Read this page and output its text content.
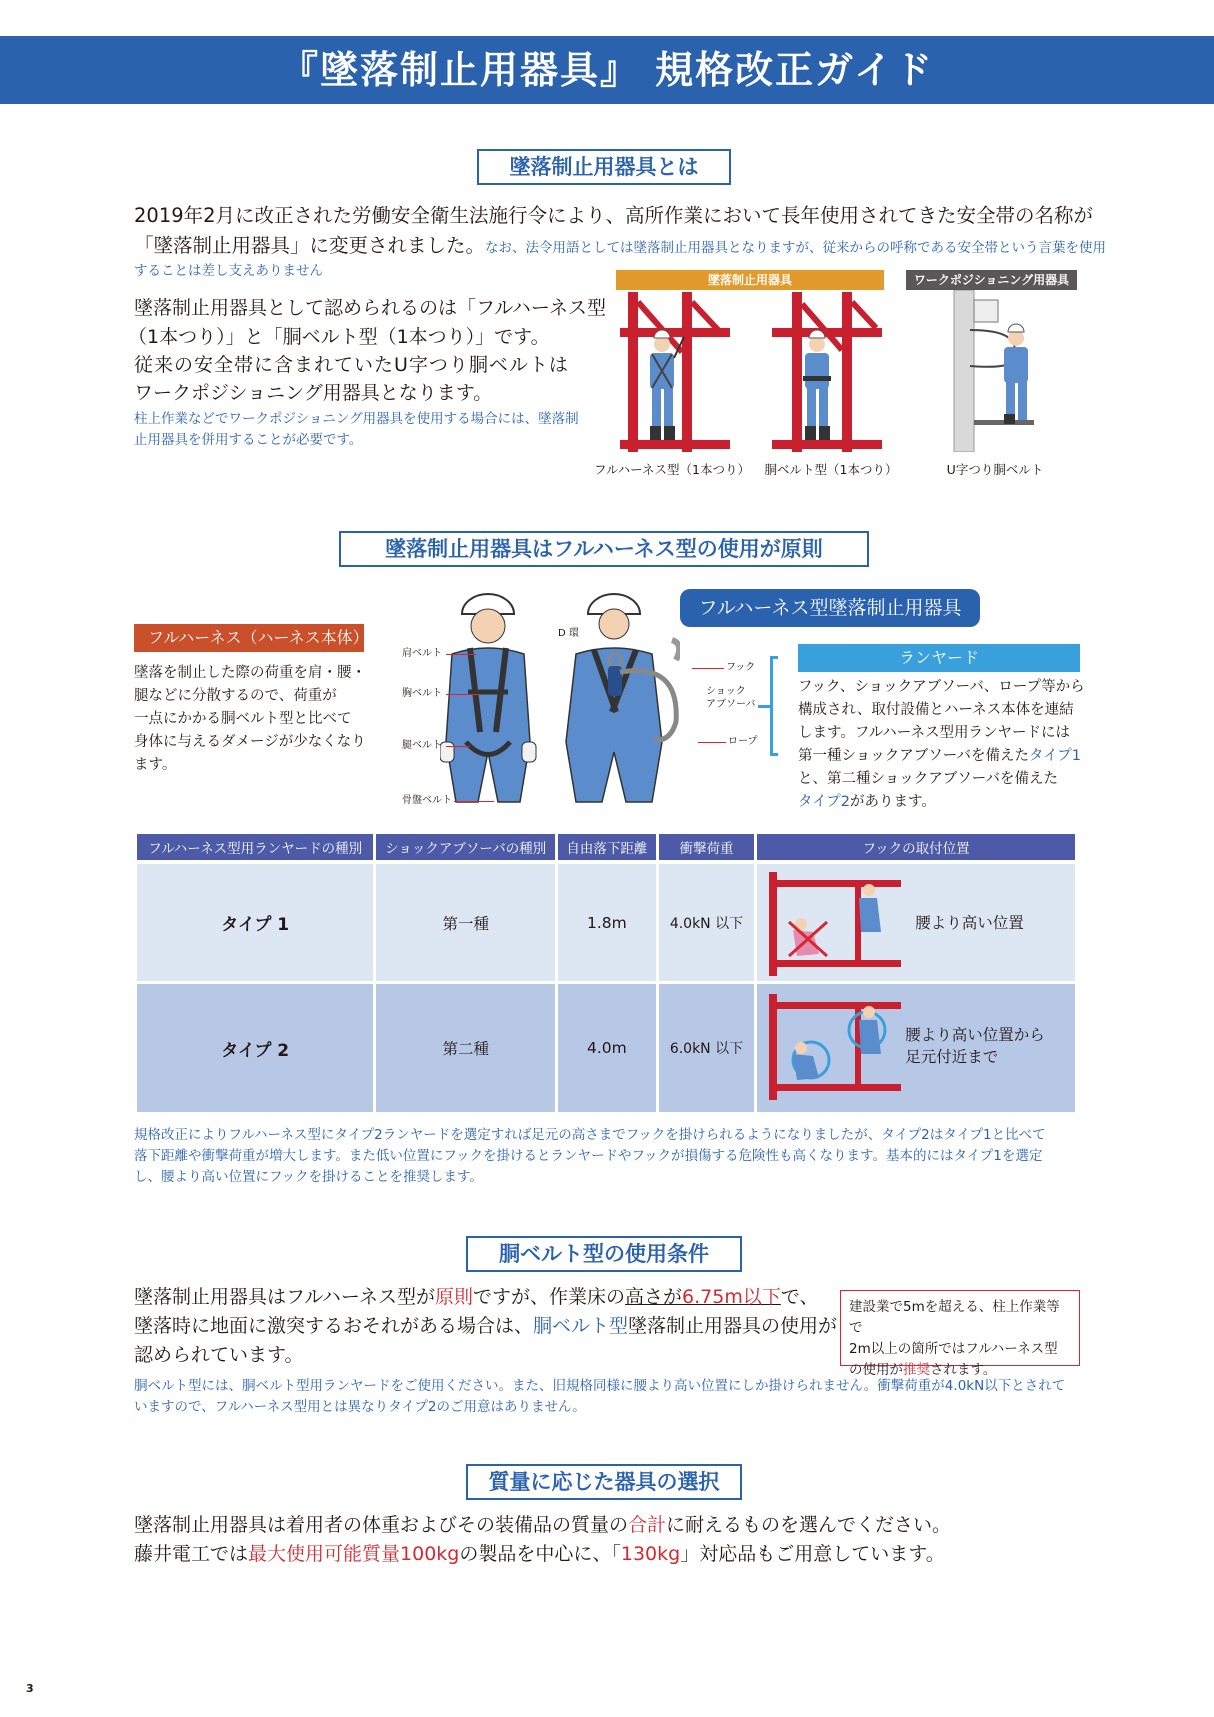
『墜落制止用器具』 規格改正ガイド
墜落制止用器具とは
2019年2月に改正された労働安全衛生法施行令により、高所作業において長年使用されてきた安全帯の名称が
「墜落制止用器具」に変更されました。なお、法令用語としては墜落制止用器具となりますが、従来からの呼称である安全帯という言葉を使用
することは差し支えありません
墜落制止用器具として認められるのは「フルハーネス型
（1本つり）」と「胴ベルト型（1本つり）」です。
従来の安全帯に含まれていたU字つり胴ベルトは
ワークポジショニング用器具となります。
柱上作業などでワークポジショニング用器具を使用する場合には、墜落制
止用器具を併用することが必要です。
墜落制止用器具	ワークポジショニング用器具
フルハーネス型（1本つり）	胴ベルト型（1本つり）	U字つり胴ベルト
墜落制止用器具はフルハーネス型の使用が原則
フルハーネス型墜落制止用器具
フルハーネス（ハーネス本体）
墜落を制止した際の荷重を肩・腰・
腿などに分散するので、荷重が
一点にかかる胴ベルト型と比べて
身体に与えるダメージが少なくなり
ます。
肩ベルト
胸ベルト
腿ベルト
骨盤ベルト
D 環
フック
ショック
アブソーバ
ロープ
ランヤード
フック、ショックアブソーバ、ロープ等から
構成され、取付設備とハーネス本体を連結
します。フルハーネス型用ランヤードには
第一種ショックアブソーバを備えたタイプ1
と、第二種ショックアブソーバを備えた
タイプ2があります。
フルハーネス型用ランヤードの種別	ショックアブソーバの種別	自由落下距離	衝撃荷重	フックの取付位置
タイプ 1	第一種	1.8m	4.0kN 以下	腰より高い位置

タイプ 2	第二種	4.0m	6.0kN 以下	腰より高い位置から
足元付近まで
規格改正によりフルハーネス型にタイプ2ランヤードを選定すれば足元の高さまでフックを掛けられるようになりましたが、タイプ2はタイプ1と比べて
落下距離や衝撃荷重が増大します。また低い位置にフックを掛けるとランヤードやフックが損傷する危険性も高くなります。基本的にはタイプ1を選定
し、腰より高い位置にフックを掛けることを推奨します。
胴ベルト型の使用条件
墜落制止用器具はフルハーネス型が原則ですが、作業床の高さが6.75m以下で、
墜落時に地面に激突するおそれがある場合は、胴ベルト型墜落制止用器具の使用が
認められています。
建設業で5mを超える、柱上作業等で
2m以上の箇所ではフルハーネス型
の使用が推奨されます。
胴ベルト型には、胴ベルト型用ランヤードをご使用ください。また、旧規格同様に腰より高い位置にしか掛けられません。衝撃荷重が4.0kN以下とされて
いますので、フルハーネス型用とは異なりタイプ2のご用意はありません。
質量に応じた器具の選択
墜落制止用器具は着用者の体重およびその装備品の質量の合計に耐えるものを選んでください。
藤井電工では最大使用可能質量100kgの製品を中心に、「130kg」対応品もご用意しています。
3
